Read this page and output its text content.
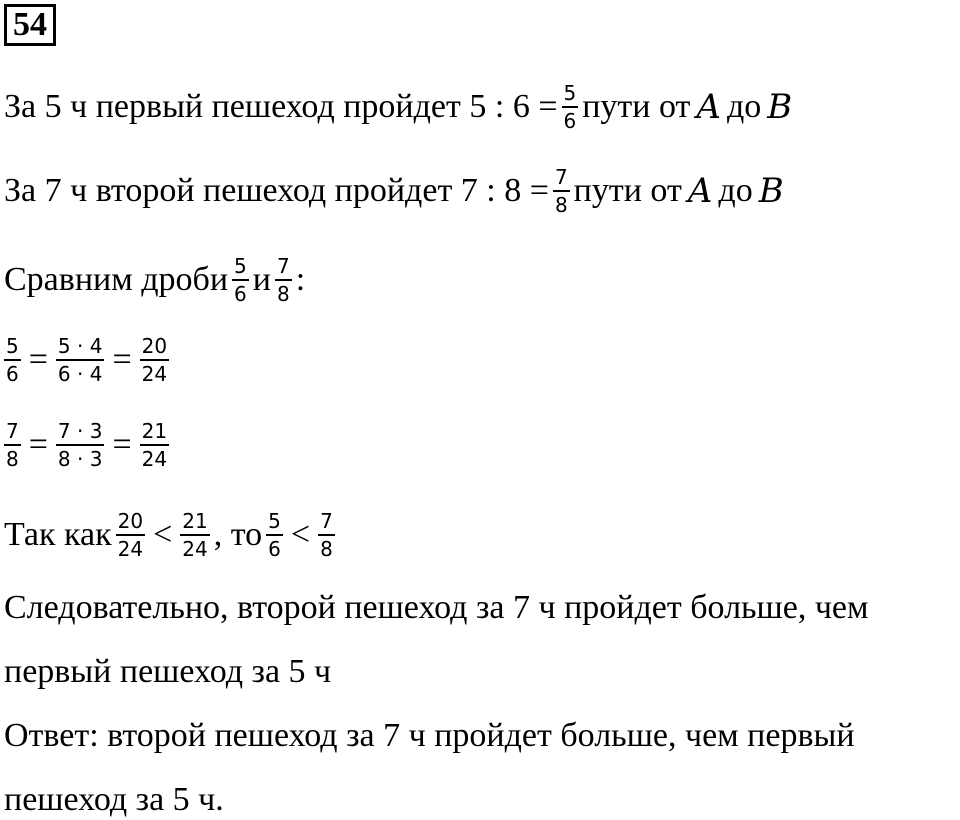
54
За 5 ч первый пешеход пройдет 5 : $6 = \frac{5}{6}$ пути от A до B
За 7 ч второй пешеход пройдет 7 : $8 = \frac{7}{8}$ пути от A до B
Сравним дроби $\frac{5}{6}$ и $\frac{7}{8}$ :
$\frac{5}{6} = \frac{5 \cdot 4}{6 \cdot 4} = \frac{20}{24}$
$\frac{7}{8} = \frac{7 \cdot 3}{8 \cdot 3} = \frac{21}{24}$
Так как $\frac{20}{24} < \frac{21}{24}$ , то $\frac{5}{6} < \frac{7}{8}$
Следовательно, второй пешеход за 7 ч пройдет больше, чем
первый пешеход за 5 ч
Ответ: второй пешеход за 7 ч пройдет больше, чем первый
пешеход за 5 ч.
